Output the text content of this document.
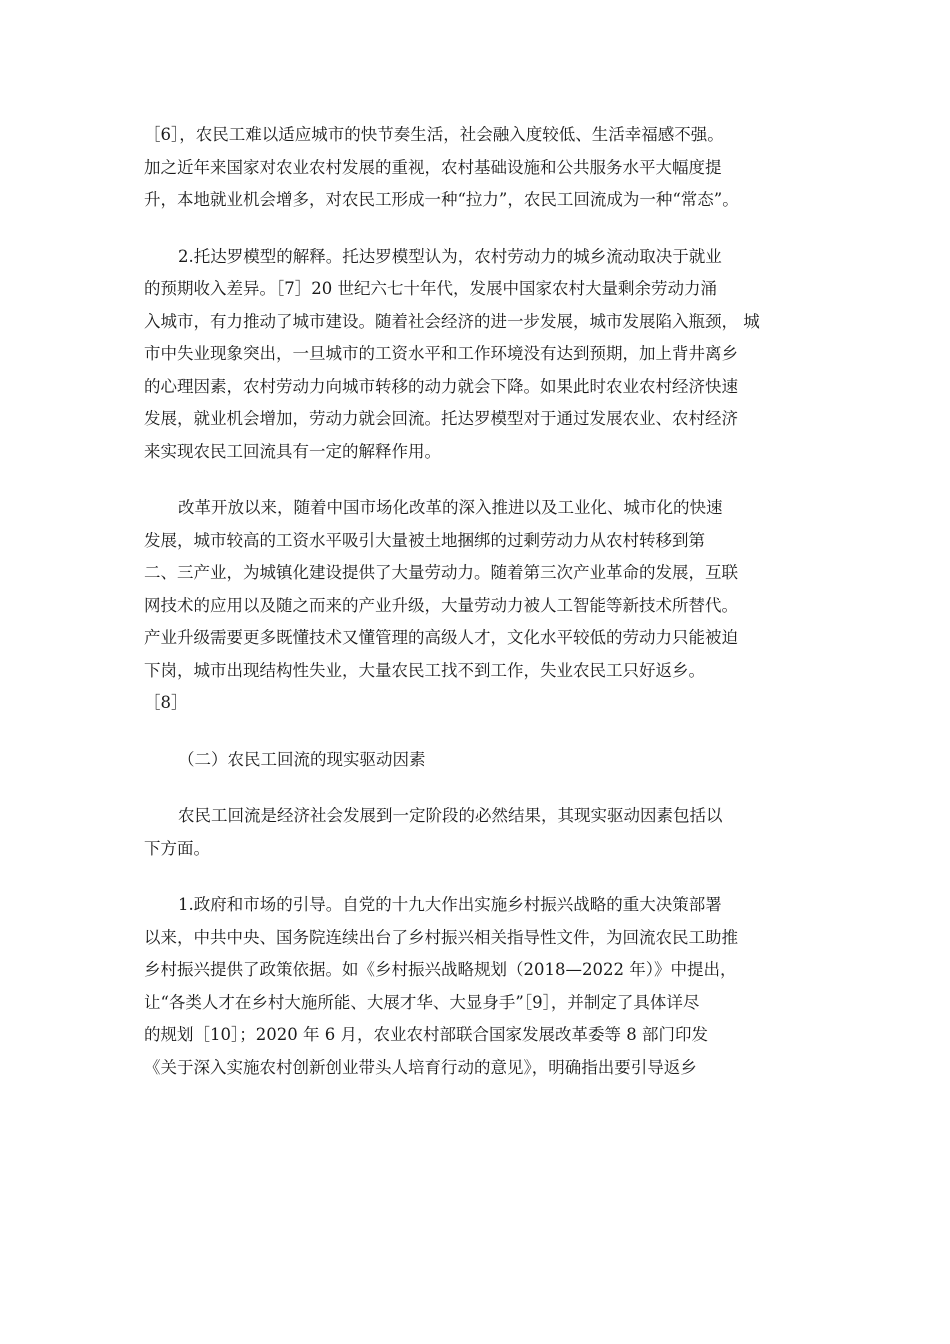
［6］，农民工难以适应城市的快节奏生活，社会融入度较低、生活幸福感不强。
加之近年来国家对农业农村发展的重视，农村基础设施和公共服务水平大幅度提
升，本地就业机会增多，对农民工形成一种“拉力”，农民工回流成为一种“常态”。

2.托达罗模型的解释。托达罗模型认为，农村劳动力的城乡流动取决于就业
的预期收入差异。［7］20 世纪六七十年代，发展中国家农村大量剩余劳动力涌
入城市，有力推动了城市建设。随着社会经济的进一步发展，城市发展陷入瓶颈， 城
市中失业现象突出，一旦城市的工资水平和工作环境没有达到预期，加上背井离乡
的心理因素，农村劳动力向城市转移的动力就会下降。如果此时农业农村经济快速
发展，就业机会增加，劳动力就会回流。托达罗模型对于通过发展农业、农村经济
来实现农民工回流具有一定的解释作用。

改革开放以来，随着中国市场化改革的深入推进以及工业化、城市化的快速
发展，城市较高的工资水平吸引大量被土地捆绑的过剩劳动力从农村转移到第
二、三产业，为城镇化建设提供了大量劳动力。随着第三次产业革命的发展，互联
网技术的应用以及随之而来的产业升级，大量劳动力被人工智能等新技术所替代。
产业升级需要更多既懂技术又懂管理的高级人才，文化水平较低的劳动力只能被迫
下岗，城市出现结构性失业，大量农民工找不到工作，失业农民工只好返乡。
［8］

（二）农民工回流的现实驱动因素

农民工回流是经济社会发展到一定阶段的必然结果，其现实驱动因素包括以
下方面。

1.政府和市场的引导。自党的十九大作出实施乡村振兴战略的重大决策部署
以来，中共中央、国务院连续出台了乡村振兴相关指导性文件，为回流农民工助推
乡村振兴提供了政策依据。如《乡村振兴战略规划（2018—2022 年）》中提出，
让“各类人才在乡村大施所能、大展才华、大显身手”［9］，并制定了具体详尽
的规划［10］；2020 年 6 月，农业农村部联合国家发展改革委等 8 部门印发
《关于深入实施农村创新创业带头人培育行动的意见》，明确指出要引导返乡
